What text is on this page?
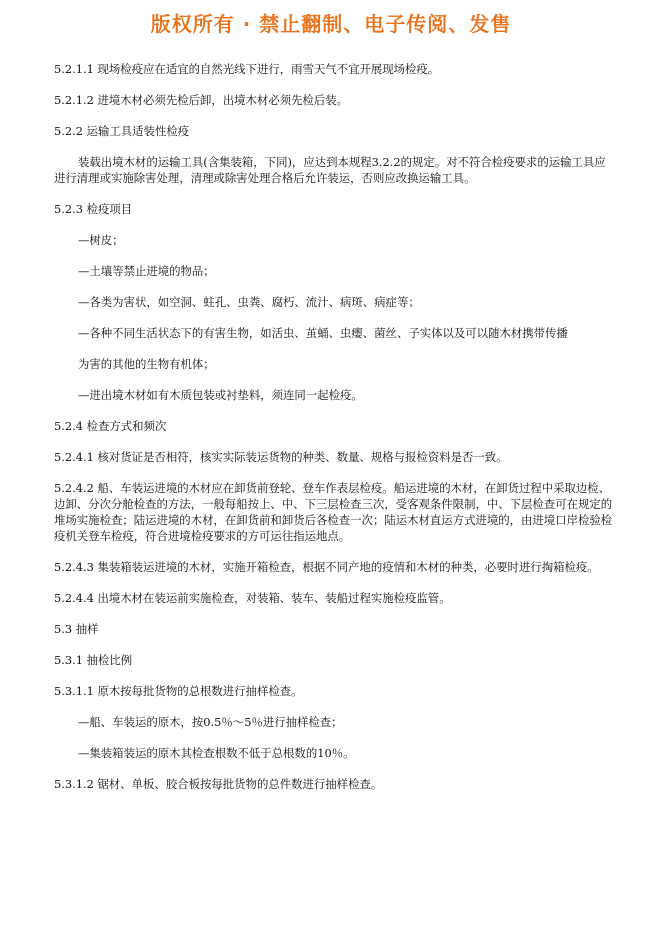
版权所有 · 禁止翻制、电子传阅、发售

5.2.1.1 现场检疫应在适宜的自然光线下进行，雨雪天气不宜开展现场检疫。

5.2.1.2 进境木材必须先检后卸，出境木材必须先检后装。

5.2.2 运输工具适装性检疫

装载出境木材的运输工具(含集装箱，下同)，应达到本规程3.2.2的规定。对不符合检疫要求的运输工具应进行清理或实施除害处理，清理或除害处理合格后允许装运，否则应改换运输工具。

5.2.3 检疫项目

—树皮；

—土壤等禁止进境的物品；

—各类为害状，如空洞、蛀孔、虫粪、腐朽、流汁、病斑、病症等；

—各种不同生活状态下的有害生物，如活虫、茧蛹、虫瘿、菌丝、子实体以及可以随木材携带传播

为害的其他的生物有机体；

—进出境木材如有木质包装或衬垫料，须连同一起检疫。

5.2.4 检查方式和频次

5.2.4.1 核对货证是否相符，核实实际装运货物的种类、数量、规格与报检资料是否一致。

5.2.4.2 船、车装运进境的木材应在卸货前登轮、登车作表层检疫。船运进境的木材，在卸货过程中采取边检、边卸、分次分舱检查的方法，一般每船按上、中、下三层检查三次，受客观条件限制，中、下层检查可在规定的堆场实施检查；陆运进境的木材，在卸货前和卸货后各检查一次；陆运木材直运方式进境的，由进境口岸检验检疫机关登车检疫，符合进境检疫要求的方可运往指运地点。

5.2.4.3 集装箱装运进境的木材，实施开箱检查，根据不同产地的疫情和木材的种类，必要时进行掏箱检疫。

5.2.4.4 出境木材在装运前实施检查，对装箱、装车、装船过程实施检疫监管。

5.3 抽样

5.3.1 抽检比例

5.3.1.1 原木按每批货物的总根数进行抽样检查。

—船、车装运的原木，按0.5％～5％进行抽样检查；

—集装箱装运的原木其检查根数不低于总根数的10％。

5.3.1.2 锯材、单板、胶合板按每批货物的总件数进行抽样检查。
